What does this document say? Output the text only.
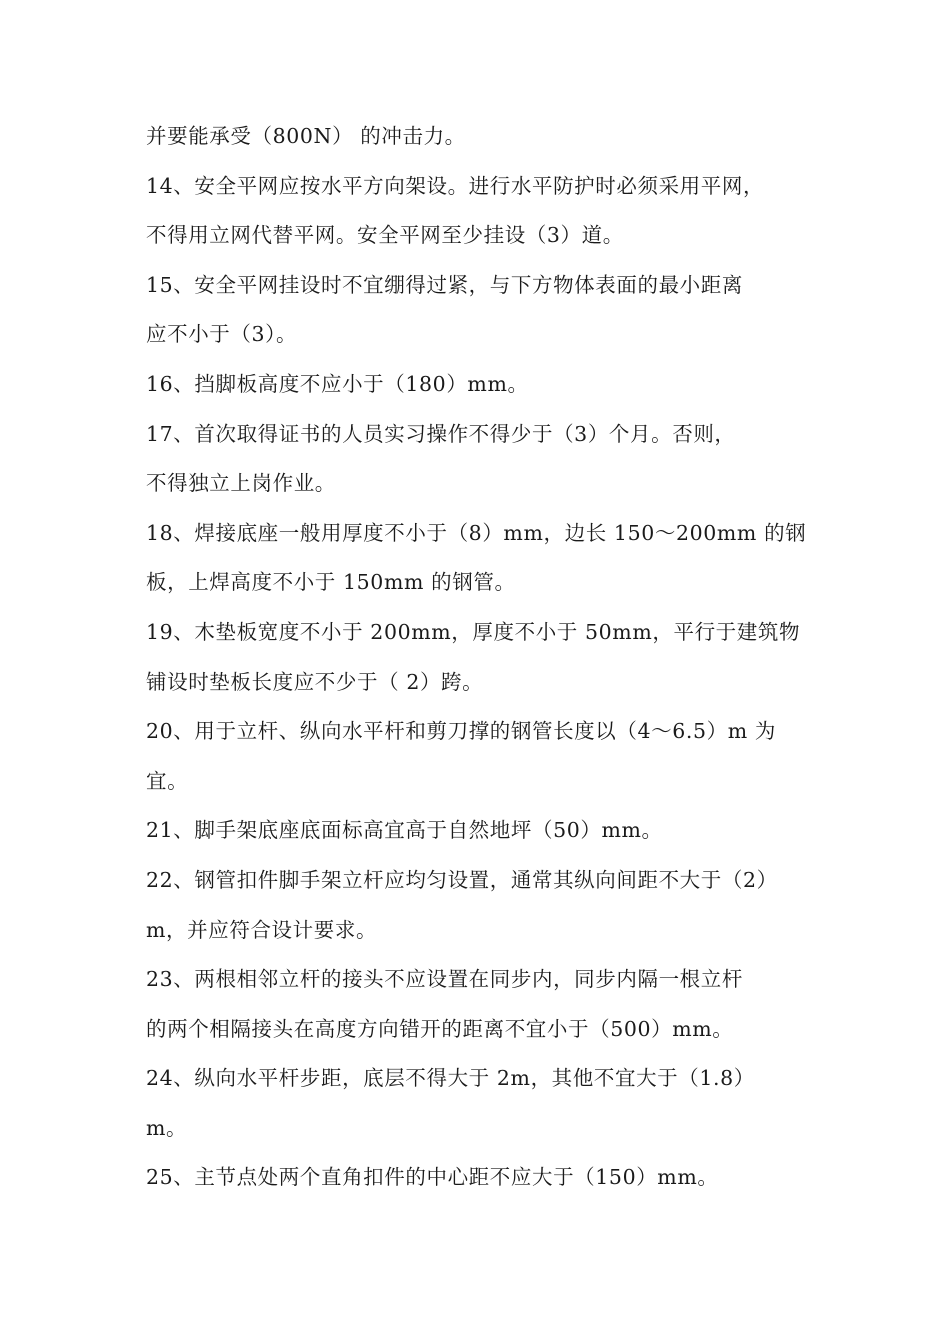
并要能承受（800N） 的冲击力。
14、安全平网应按水平方向架设。进行水平防护时必须采用平网，
不得用立网代替平网。安全平网至少挂设（3）道。
15、安全平网挂设时不宜绷得过紧，与下方物体表面的最小距离
应不小于（3）。
16、挡脚板高度不应小于（180）mm。
17、首次取得证书的人员实习操作不得少于（3）个月。否则，
不得独立上岗作业。
18、焊接底座一般用厚度不小于（8）mm，边长 150～200mm 的钢
板，上焊高度不小于 150mm 的钢管。
19、木垫板宽度不小于 200mm，厚度不小于 50mm，平行于建筑物
铺设时垫板长度应不少于（ 2）跨。
20、用于立杆、纵向水平杆和剪刀撑的钢管长度以（4～6.5）m 为
宜。
21、脚手架底座底面标高宜高于自然地坪（50）mm。
22、钢管扣件脚手架立杆应均匀设置，通常其纵向间距不大于（2）
m，并应符合设计要求。
23、两根相邻立杆的接头不应设置在同步内，同步内隔一根立杆
的两个相隔接头在高度方向错开的距离不宜小于（500）mm。
24、纵向水平杆步距，底层不得大于 2m，其他不宜大于（1.8）
m。
25、主节点处两个直角扣件的中心距不应大于（150）mm。
